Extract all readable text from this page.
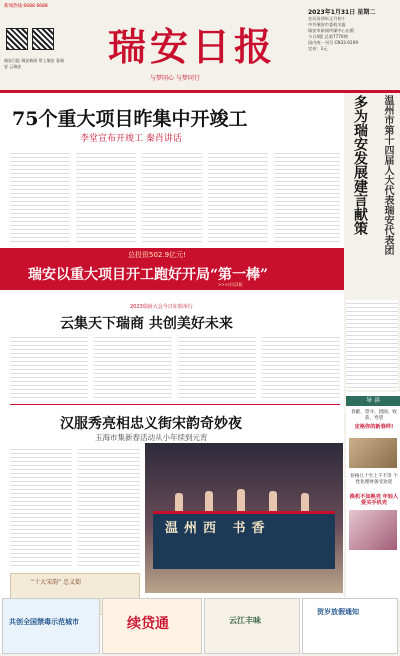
新闻热线 6688 6688
瑞安日报 瑞安新闻 掌上瑞安 看瑞安 云瑞安	瑞安日报
与梦同心 与梦同行
2023年1月31日 星期二
农历癸卯年正月初十
中共瑞安市委机关报
瑞安市新闻传媒中心出版
今日4版 总第7770期
国内统一刊号 CN33-0109
定价：1元
75个重大项目昨集中开竣工
李堂宣布开竣工 秦肖讲话
总投资502.9亿元!
瑞安以重大项目开工跑好开局“第一棒”
>>>详见2版
2023瑞商大会今日在瑞举行
云集天下瑞商 共创美好未来
汉服秀亮相忠义街宋韵奇妙夜
玉海市集新春活动从小年续到元宵
温州西 书香
“十大宋韵” 忠义街
温州市第十四届人大代表瑞安代表团
多为瑞安发展建言献策
导 读
春献、望寻、团圆、收获、寿望
定格你的新春样!
价格几十至上千不等 个性化理财备受欢迎
换机不如换壳 年轻人爱买手机壳
共创全国禁毒示范城市	续贷通	云江丰味
贺岁放假通知
